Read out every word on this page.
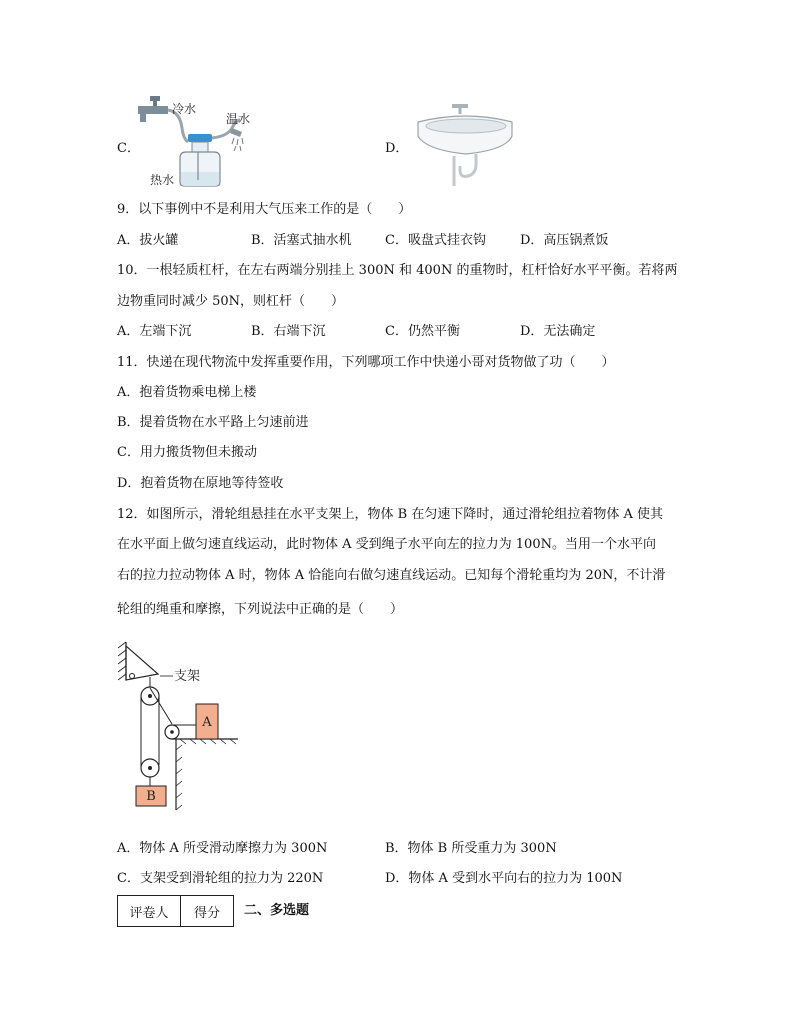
C．
冷水
温水
热水
D．
9．以下事例中不是利用大气压来工作的是（　　）
A．拔火罐	B．活塞式抽水机	C．吸盘式挂衣钩	D．高压锅煮饭
10．一根轻质杠杆，在左右两端分别挂上 300N 和 400N 的重物时，杠杆恰好水平平衡。若将两
边物重同时减少 50N，则杠杆（　　）
A．左端下沉	B．右端下沉	C．仍然平衡	D．无法确定
11．快递在现代物流中发挥重要作用，下列哪项工作中快递小哥对货物做了功（　　）
A．抱着货物乘电梯上楼
B．提着货物在水平路上匀速前进
C．用力搬货物但未搬动
D．抱着货物在原地等待签收
12．如图所示，滑轮组悬挂在水平支架上，物体 B 在匀速下降时，通过滑轮组拉着物体 A 使其
在水平面上做匀速直线运动，此时物体 A 受到绳子水平向左的拉力为 100N。当用一个水平向
右的拉力拉动物体 A 时，物体 A 恰能向右做匀速直线运动。已知每个滑轮重均为 20N，不计滑
轮组的绳重和摩擦，下列说法中正确的是（　　）
支架
A
B
A．物体 A 所受滑动摩擦力为 300N	B．物体 B 所受重力为 300N
C．支架受到滑轮组的拉力为 220N	D．物体 A 受到水平向右的拉力为 100N
评卷人	得分 二、多选题
